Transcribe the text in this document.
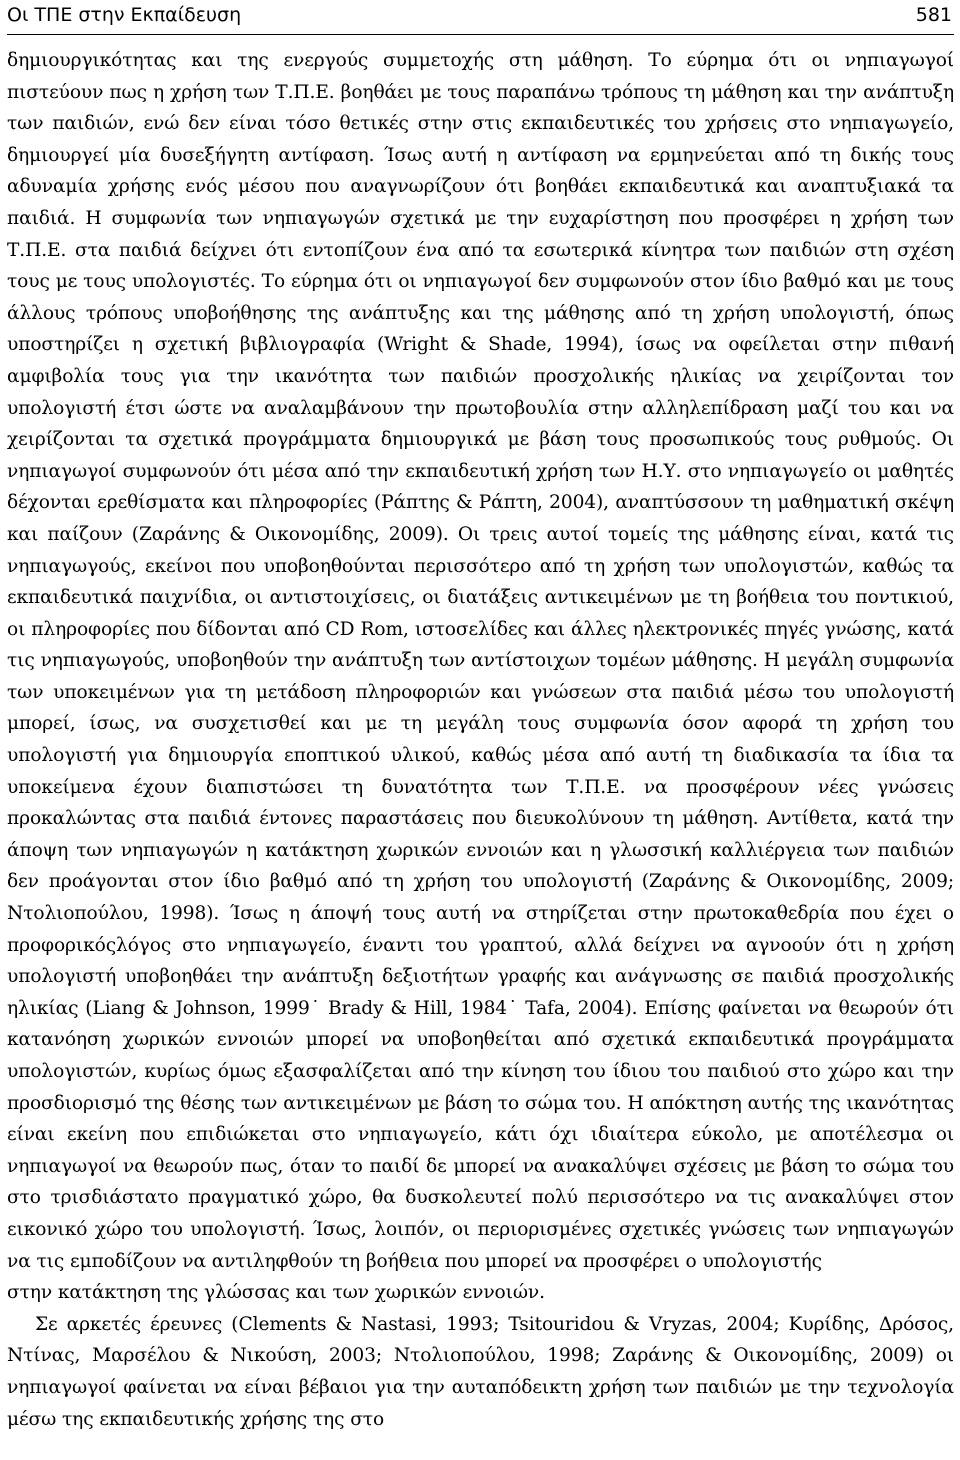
Οι ΤΠΕ στην Εκπαίδευση	581

δημιουργικότητας και της ενεργούς συμμετοχής στη μάθηση. Το εύρημα ότι οι νηπιαγωγοί πιστεύουν πως η χρήση των Τ.Π.Ε. βοηθάει με τους παραπάνω τρόπους τη μάθηση και την ανάπτυξη των παιδιών, ενώ δεν είναι τόσο θετικές στην στις εκπαιδευτικές του χρήσεις στο νηπιαγωγείο, δημιουργεί μία δυσεξήγητη αντίφαση. Ίσως αυτή η αντίφαση να ερμηνεύεται από τη δικής τους αδυναμία χρήσης ενός μέσου που αναγνωρίζουν ότι βοηθάει εκπαιδευτικά και αναπτυξιακά τα παιδιά. Η συμφωνία των νηπιαγωγών σχετικά με την ευχαρίστηση που προσφέρει η χρήση των Τ.Π.Ε. στα παιδιά δείχνει ότι εντοπίζουν ένα από τα εσωτερικά κίνητρα των παιδιών στη σχέση τους με τους υπολογιστές. Το εύρημα ότι οι νηπιαγωγοί δεν συμφωνούν στον ίδιο βαθμό και με τους άλλους τρόπους υποβοήθησης της ανάπτυξης και της μάθησης από τη χρήση υπολογιστή, όπως υποστηρίζει η σχετική βιβλιογραφία (Wright & Shade, 1994), ίσως να οφείλεται στην πιθανή αμφιβολία τους για την ικανότητα των παιδιών προσχολικής ηλικίας να χειρίζονται τον υπολογιστή έτσι ώστε να αναλαμβάνουν την πρωτοβουλία στην αλληλεπίδραση μαζί του και να χειρίζονται τα σχετικά προγράμματα δημιουργικά με βάση τους προσωπικούς τους ρυθμούς. Οι νηπιαγωγοί συμφωνούν ότι μέσα από την εκπαιδευτική χρήση των Η.Υ. στο νηπιαγωγείο οι μαθητές δέχονται ερεθίσματα και πληροφορίες (Ράπτης & Ράπτη, 2004), αναπτύσσουν τη μαθηματική σκέψη και παίζουν (Ζαράνης & Οικονομίδης, 2009). Οι τρεις αυτοί τομείς της μάθησης είναι, κατά τις νηπιαγωγούς, εκείνοι που υποβοηθούνται περισσότερο από τη χρήση των υπολογιστών, καθώς τα εκπαιδευτικά παιχνίδια, οι αντιστοιχίσεις, οι διατάξεις αντικειμένων με τη βοήθεια του ποντικιού, οι πληροφορίες που δίδονται από CD Rom, ιστοσελίδες και άλλες ηλεκτρονικές πηγές γνώσης, κατά τις νηπιαγωγούς, υποβοηθούν την ανάπτυξη των αντίστοιχων τομέων μάθησης. Η μεγάλη συμφωνία των υποκειμένων για τη μετάδοση πληροφοριών και γνώσεων στα παιδιά μέσω του υπολογιστή μπορεί, ίσως, να συσχετισθεί και με τη μεγάλη τους συμφωνία όσον αφορά τη χρήση του υπολογιστή για δημιουργία εποπτικού υλικού, καθώς μέσα από αυτή τη διαδικασία τα ίδια τα υποκείμενα έχουν διαπιστώσει τη δυνατότητα των Τ.Π.Ε. να προσφέρουν νέες γνώσεις προκαλώντας στα παιδιά έντονες παραστάσεις που διευκολύνουν τη μάθηση. Αντίθετα, κατά την άποψη των νηπιαγωγών η κατάκτηση χωρικών εννοιών και η γλωσσική καλλιέργεια των παιδιών δεν προάγονται στον ίδιο βαθμό από τη χρήση του υπολογιστή (Ζαράνης & Οικονομίδης, 2009; Ντολιοπούλου, 1998). Ίσως η άποψή τους αυτή να στηρίζεται στην πρωτοκαθεδρία που έχει ο προφορικόςλόγος στο νηπιαγωγείο, έναντι του γραπτού, αλλά δείχνει να αγνοούν ότι η χρήση υπολογιστή υποβοηθάει την ανάπτυξη δεξιοτήτων γραφής και ανάγνωσης σε παιδιά προσχολικής ηλικίας (Liang & Johnson, 1999˙ Brady & Hill, 1984˙ Tafa, 2004). Επίσης φαίνεται να θεωρούν ότι κατανόηση χωρικών εννοιών μπορεί να υποβοηθείται από σχετικά εκπαιδευτικά προγράμματα υπολογιστών, κυρίως όμως εξασφαλίζεται από την κίνηση του ίδιου του παιδιού στο χώρο και την προσδιορισμό της θέσης των αντικειμένων με βάση το σώμα του. Η απόκτηση αυτής της ικανότητας είναι εκείνη που επιδιώκεται στο νηπιαγωγείο, κάτι όχι ιδιαίτερα εύκολο, με αποτέλεσμα οι νηπιαγωγοί να θεωρούν πως, όταν το παιδί δε μπορεί να ανακαλύψει σχέσεις με βάση το σώμα του στο τρισδιάστατο πραγματικό χώρο, θα δυσκολευτεί πολύ περισσότερο να τις ανακαλύψει στον εικονικό χώρο του υπολογιστή. Ίσως, λοιπόν, οι περιορισμένες σχετικές γνώσεις των νηπιαγωγών να τις εμποδίζουν να αντιληφθούν τη βοήθεια που μπορεί να προσφέρει ο υπολογιστής

στην κατάκτηση της γλώσσας και των χωρικών εννοιών.

Σε αρκετές έρευνες (Clements & Nastasi, 1993; Tsitouridou & Vryzas, 2004; Κυρίδης, Δρόσος, Ντίνας, Μαρσέλου & Νικούση, 2003; Ντολιοπούλου, 1998; Ζαράνης & Οικονομίδης, 2009) οι νηπιαγωγοί φαίνεται να είναι βέβαιοι για την αυταπόδεικτη χρήση των παιδιών με την τεχνολογία μέσω της εκπαιδευτικής χρήσης της στο
